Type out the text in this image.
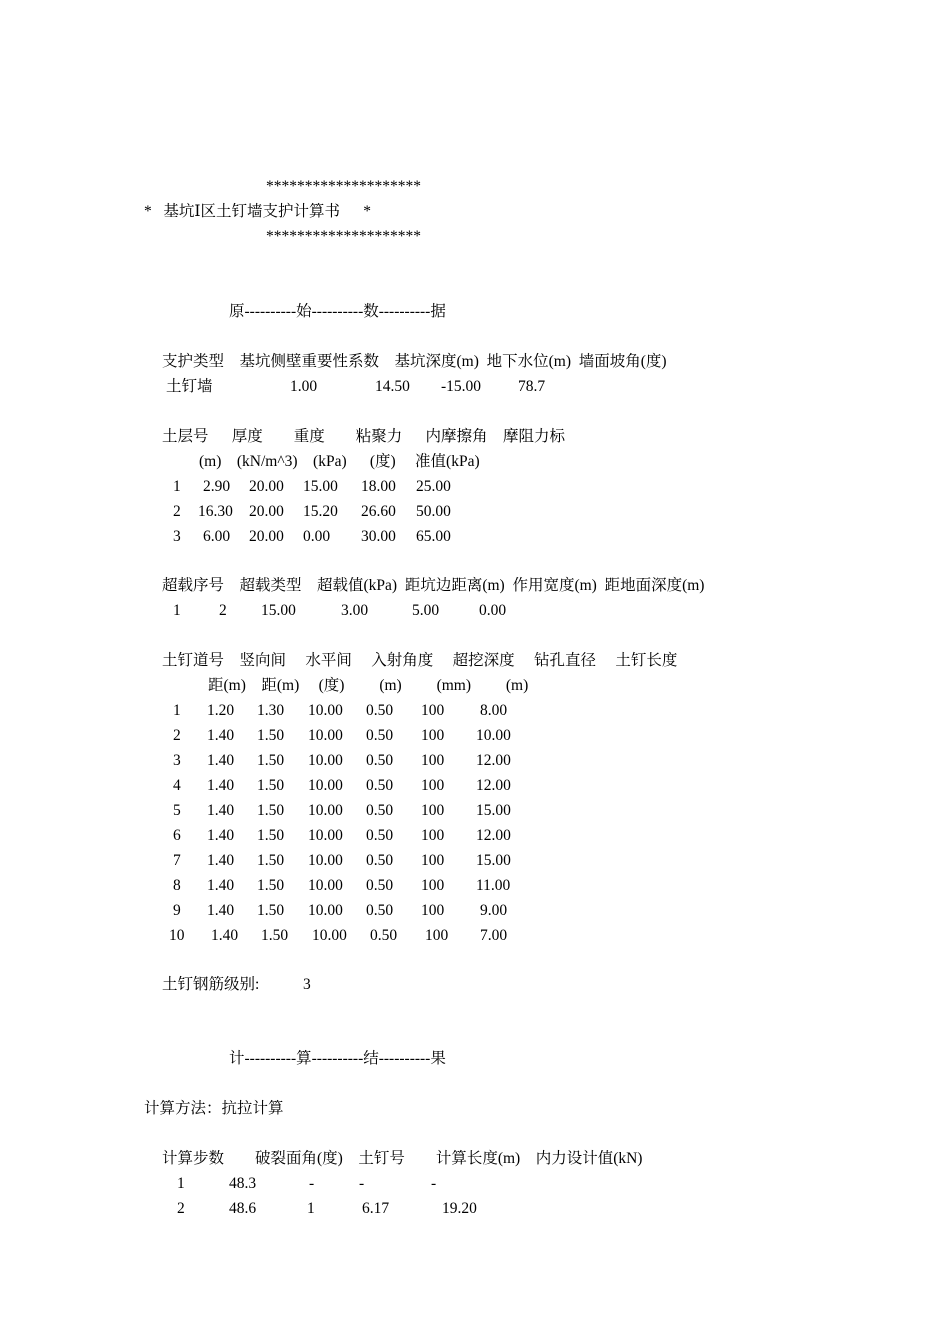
********************
*   基坑Ⅰ区土钉墙支护计算书      *
********************
原----------始----------数----------据
支护类型    基坑侧壁重要性系数    基坑深度(m)  地下水位(m)  墙面坡角(度)
土钉墙	1.00	14.50 -15.00 78.7
土层号      厚度        重度        粘聚力      内摩擦角    摩阻力标
(m)    (kN/m^3)    (kPa)      (度)     准值(kPa)
1 2.90 20.00 15.00 18.00 25.00
2 16.30 20.00 15.20 26.60 50.00
3 6.00 20.00 0.00 30.00 65.00
超载序号    超载类型    超载值(kPa)  距坑边距离(m)  作用宽度(m)  距地面深度(m)
1 2 15.00	3.00	5.00	0.00
土钉道号    竖向间     水平间     入射角度     超挖深度     钻孔直径     土钉长度
距(m)    距(m)     (度)         (m)         (mm)         (m)
1 1.20 1.30 10.00 0.50 100 8.00
2 1.40 1.50 10.00 0.50 100 10.00
3 1.40 1.50 10.00 0.50 100 12.00
4 1.40 1.50 10.00 0.50 100 12.00
5 1.40 1.50 10.00 0.50 100 15.00
6 1.40 1.50 10.00 0.50 100 12.00
7 1.40 1.50 10.00 0.50 100 15.00
8 1.40 1.50 10.00 0.50 100 11.00
9 1.40 1.50 10.00 0.50 100 9.00
10 1.40 1.50 10.00 0.50 100 7.00
土钉钢筋级别:	3
计----------算----------结----------果
计算方法：抗拉计算
计算步数        破裂面角(度)    土钉号        计算长度(m)    内力设计值(kN)
1	48.3	-	-	-
2	48.6	1	6.17	19.20
